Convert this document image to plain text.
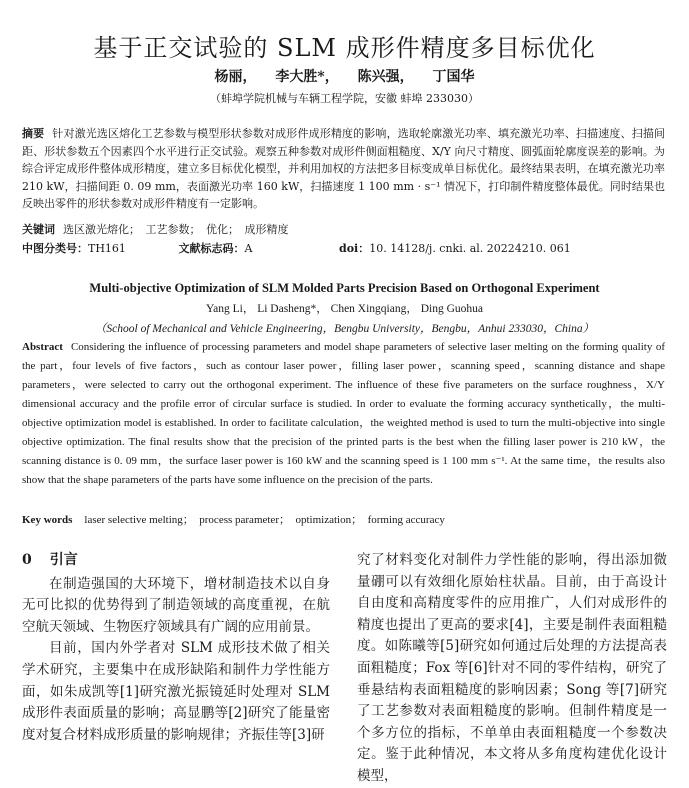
基于正交试验的 SLM 成形件精度多目标优化
杨丽， 李大胜*， 陈兴强， 丁国华
（蚌埠学院机械与车辆工程学院，安徽 蚌埠 233030）
摘要 针对激光选区熔化工艺参数与模型形状参数对成形件成形精度的影响，选取轮廓激光功率、填充激光功率、扫描速度、扫描间距、形状参数五个因素四个水平进行正交试验。观察五种参数对成形件侧面粗糙度、X/Y 向尺寸精度、圆弧面轮廓度误差的影响。为综合评定成形件整体成形精度，建立多目标优化模型，并利用加权的方法把多目标变成单目标优化。最终结果表明，在填充激光功率 210 kW，扫描间距 0. 09 mm，表面激光功率 160 kW，扫描速度 1 100 mm · s⁻¹ 情况下，打印制件精度整体最优。同时结果也反映出零件的形状参数对成形件精度有一定影响。
关键词 选区激光熔化；　工艺参数；　优化；　成形精度
中图分类号：TH161	文献标志码：A	doi：10. 14128/j. cnki. al. 20224210. 061
Multi-objective Optimization of SLM Molded Parts Precision Based on Orthogonal Experiment
Yang Li， Li Dasheng*， Chen Xingqiang， Ding Guohua
（School of Mechanical and Vehicle Engineering，Bengbu University，Bengbu，Anhui 233030，China）
Abstract Considering the influence of processing parameters and model shape parameters of selective laser melting on the forming quality of the part，four levels of five factors，such as contour laser power，filling laser power，scanning speed，scanning distance and shape parameters，were selected to carry out the orthogonal experiment. The influence of these five parameters on the surface roughness，X/Y dimensional accuracy and the profile error of circular surface is studied. In order to evaluate the forming accuracy synthetically，the multi-objective optimization model is established. In order to facilitate calculation，the weighted method is used to turn the multi-objective into single objective optimization. The final results show that the precision of the printed parts is the best when the filling laser power is 210 kW，the scanning distance is 0. 09 mm，the surface laser power is 160 kW and the scanning speed is 1 100 mm s⁻¹. At the same time，the results also show that the shape parameters of the parts have some influence on the precision of the parts.
Key words laser selective melting；　process parameter；　optimization；　forming accuracy
0 引言

在制造强国的大环境下，增材制造技术以自身无可比拟的优势得到了制造领域的高度重视，在航空航天领域、生物医疗领域具有广阔的应用前景。

目前，国内外学者对 SLM 成形技术做了相关学术研究，主要集中在成形缺陷和制件力学性能方面，如朱成凯等[1]研究激光振镜延时处理对 SLM 成形件表面质量的影响；高显鹏等[2]研究了能量密度对复合材料成形质量的影响规律；齐振佳等[3]研

究了材料变化对制件力学性能的影响，得出添加微量硼可以有效细化原始柱状晶。目前，由于高设计自由度和高精度零件的应用推广，人们对成形件的精度也提出了更高的要求[4]，主要是制件表面粗糙度。如陈曦等[5]研究如何通过后处理的方法提高表面粗糙度；Fox 等[6]针对不同的零件结构，研究了垂悬结构表面粗糙度的影响因素；Song 等[7]研究了工艺参数对表面粗糙度的影响。但制件精度是一个多方位的指标，不单单由表面粗糙度一个参数决定。鉴于此种情况，本文将从多角度构建优化设计模型，
